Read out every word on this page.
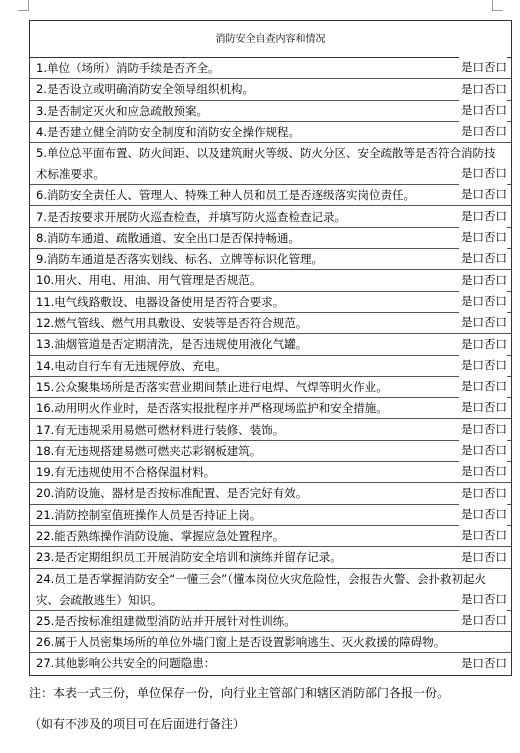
消防安全自查内容和情况
1.单位（场所）消防手续是否齐全。	是口否口
2.是否设立或明确消防安全领导组织机构。	是口否口
3.是否制定灭火和应急疏散预案。	是口否口
4.是否建立健全消防安全制度和消防安全操作规程。	是口否口
5.单位总平面布置、防火间距、以及建筑耐火等级、防火分区、安全疏散等是否符合消防技术标准要求。	是口否口
6.消防安全责任人、管理人、特殊工种人员和员工是否逐级落实岗位责任。	是口否口
7.是否按要求开展防火巡查检查，并填写防火巡查检查记录。	是口否口
8.消防车通道、疏散通道、安全出口是否保持畅通。	是口否口
9.消防车通道是否落实划线、标名、立牌等标识化管理。	是口否口
10.用火、用电、用油、用气管理是否规范。	是口否口
11.电气线路敷设、电器设备使用是否符合要求。	是口否口
12.燃气管线、燃气用具敷设、安装等是否符合规范。	是口否口
13.油烟管道是否定期清洗，是否违规使用液化气罐。	是口否口
14.电动自行车有无违规停放、充电。	是口否口
15.公众聚集场所是否落实营业期间禁止进行电焊、气焊等明火作业。	是口否口
16.动用明火作业时，是否落实报批程序并严格现场监护和安全措施。	是口否口
17.有无违规采用易燃可燃材料进行装修、装饰。	是口否口
18.有无违规搭建易燃可燃夹芯彩钢板建筑。	是口否口
19.有无违规使用不合格保温材料。	是口否口
20.消防设施、器材是否按标准配置、是否完好有效。	是口否口
21.消防控制室值班操作人员是否持证上岗。	是口否口
22.能否熟练操作消防设施、掌握应急处置程序。	是口否口
23.是否定期组织员工开展消防安全培训和演练并留存记录。	是口否口
24.员工是否掌握消防安全“一懂三会”（懂本岗位火灾危险性，会报告火警、会扑救初起火灾、会疏散逃生）知识。	是口否口
25.是否按标准组建微型消防站并开展针对性训练。	是口否口
26.属于人员密集场所的单位外墙门窗上是否设置影响逃生、灭火救援的障碍物。
27.其他影响公共安全的问题隐患：	是口否口
注：本表一式三份，单位保存一份，向行业主管部门和辖区消防部门各报一份。
（如有不涉及的项目可在后面进行备注）
